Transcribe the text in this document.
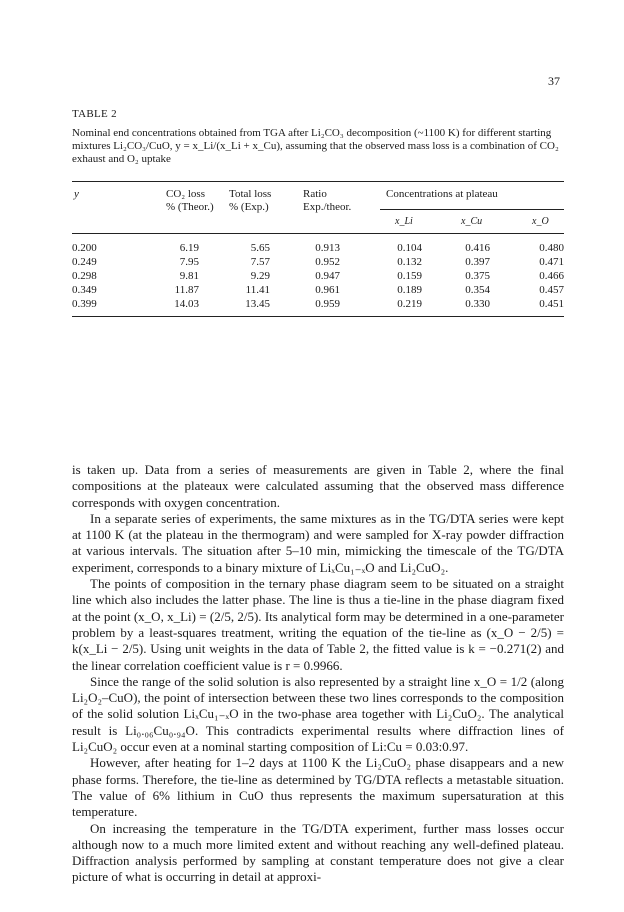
37
TABLE 2
Nominal end concentrations obtained from TGA after Li₂CO₃ decomposition (~1100 K) for different starting mixtures Li₂CO₃/CuO, y = x_Li/(x_Li + x_Cu), assuming that the observed mass loss is a combination of CO₂ exhaust and O₂ uptake
y	CO₂ loss
% (Theor.)
Total loss
% (Exp.)
Ratio
Exp./theor.
Concentrations at plateau
x_Li	x_Cu	x_O
0.200	6.19	5.65	0.913	0.104	0.416	0.480
0.249	7.95	7.57	0.952	0.132	0.397	0.471
0.298	9.81	9.29	0.947	0.159	0.375	0.466
0.349	11.87	11.41	0.961	0.189	0.354	0.457
0.399	14.03	13.45	0.959	0.219	0.330	0.451

is taken up. Data from a series of measurements are given in Table 2, where the final compositions at the plateaux were calculated assuming that the observed mass difference corresponds with oxygen concentration.

In a separate series of experiments, the same mixtures as in the TG/DTA series were kept at 1100 K (at the plateau in the thermogram) and were sampled for X-ray powder diffraction at various intervals. The situation after 5–10 min, mimicking the timescale of the TG/DTA experiment, corresponds to a binary mixture of LiₓCu₁₋ₓO and Li₂CuO₂.

The points of composition in the ternary phase diagram seem to be situated on a straight line which also includes the latter phase. The line is thus a tie-line in the phase diagram fixed at the point (x_O, x_Li) = (2/5, 2/5). Its analytical form may be determined in a one-parameter problem by a least-squares treatment, writing the equation of the tie-line as (x_O − 2/5) = k(x_Li − 2/5). Using unit weights in the data of Table 2, the fitted value is k = −0.271(2) and the linear correlation coefficient value is r = 0.9966.

Since the range of the solid solution is also represented by a straight line x_O = 1/2 (along Li₂O₂–CuO), the point of intersection between these two lines corresponds to the composition of the solid solution LiₓCu₁₋ₓO in the two-phase area together with Li₂CuO₂. The analytical result is Li₀.₀₆Cu₀.₉₄O. This contradicts experimental results where diffraction lines of Li₂CuO₂ occur even at a nominal starting composition of Li:Cu = 0.03:0.97.

However, after heating for 1–2 days at 1100 K the Li₂CuO₂ phase disappears and a new phase forms. Therefore, the tie-line as determined by TG/DTA reflects a metastable situation. The value of 6% lithium in CuO thus represents the maximum supersaturation at this temperature.

On increasing the temperature in the TG/DTA experiment, further mass losses occur although now to a much more limited extent and without reaching any well-defined plateau. Diffraction analysis performed by sampling at constant temperature does not give a clear picture of what is occurring in detail at approxi-
